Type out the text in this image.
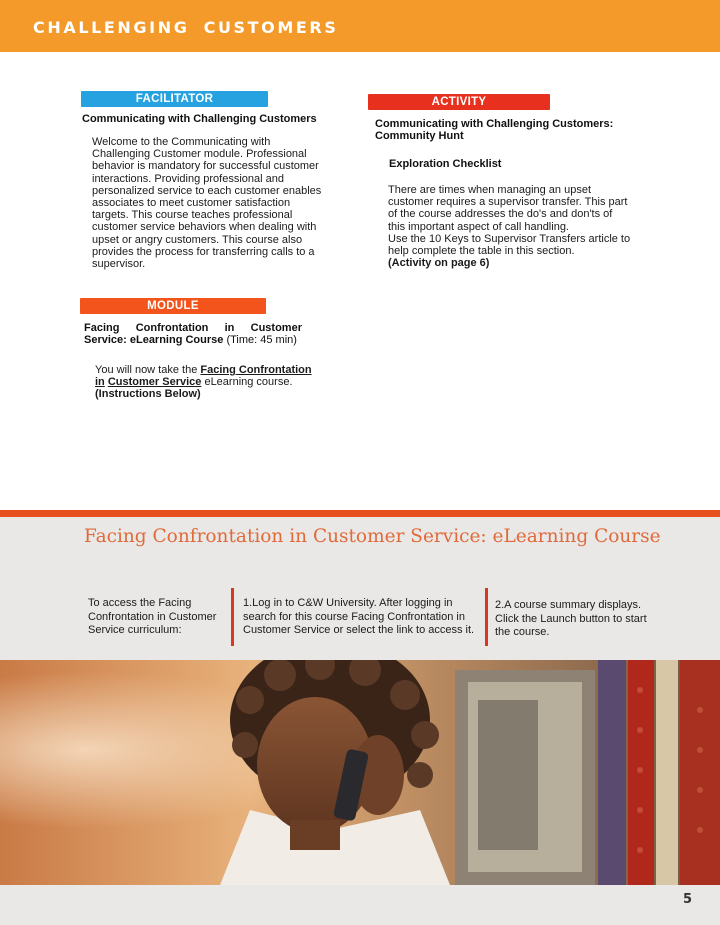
CHALLENGING CUSTOMERS
FACILITATOR
Communicating with Challenging Customers
Welcome to the Communicating with
Challenging Customer module. Professional
behavior is mandatory for successful customer
interactions. Providing professional and
personalized service to each customer enables
associates to meet customer satisfaction
targets. This course teaches professional
customer service behaviors when dealing with
upset or angry customers. This course also
provides the process for transferring calls to a
supervisor.
ACTIVITY
Communicating with Challenging Customers:
Community Hunt
Exploration Checklist
There are times when managing an upset
customer requires a supervisor transfer. This part
of the course addresses the do's and don'ts of
this important aspect of call handling.
Use the 10 Keys to Supervisor Transfers article to
help complete the table in this section.
(Activity on page 6)
MODULE
Facing Confrontation in Customer
Service: eLearning Course (Time: 45 min)
You will now take the Facing Confrontation
in Customer Service eLearning course.
(Instructions Below)
Facing Confrontation in Customer Service: eLearning Course
To access the Facing
Confrontation in Customer
Service curriculum:
1.Log in to C&W University. After logging in
search for this course Facing Confrontation in
Customer Service or select the link to access it.
2.A course summary displays.
Click the Launch button to start
the course.
5
